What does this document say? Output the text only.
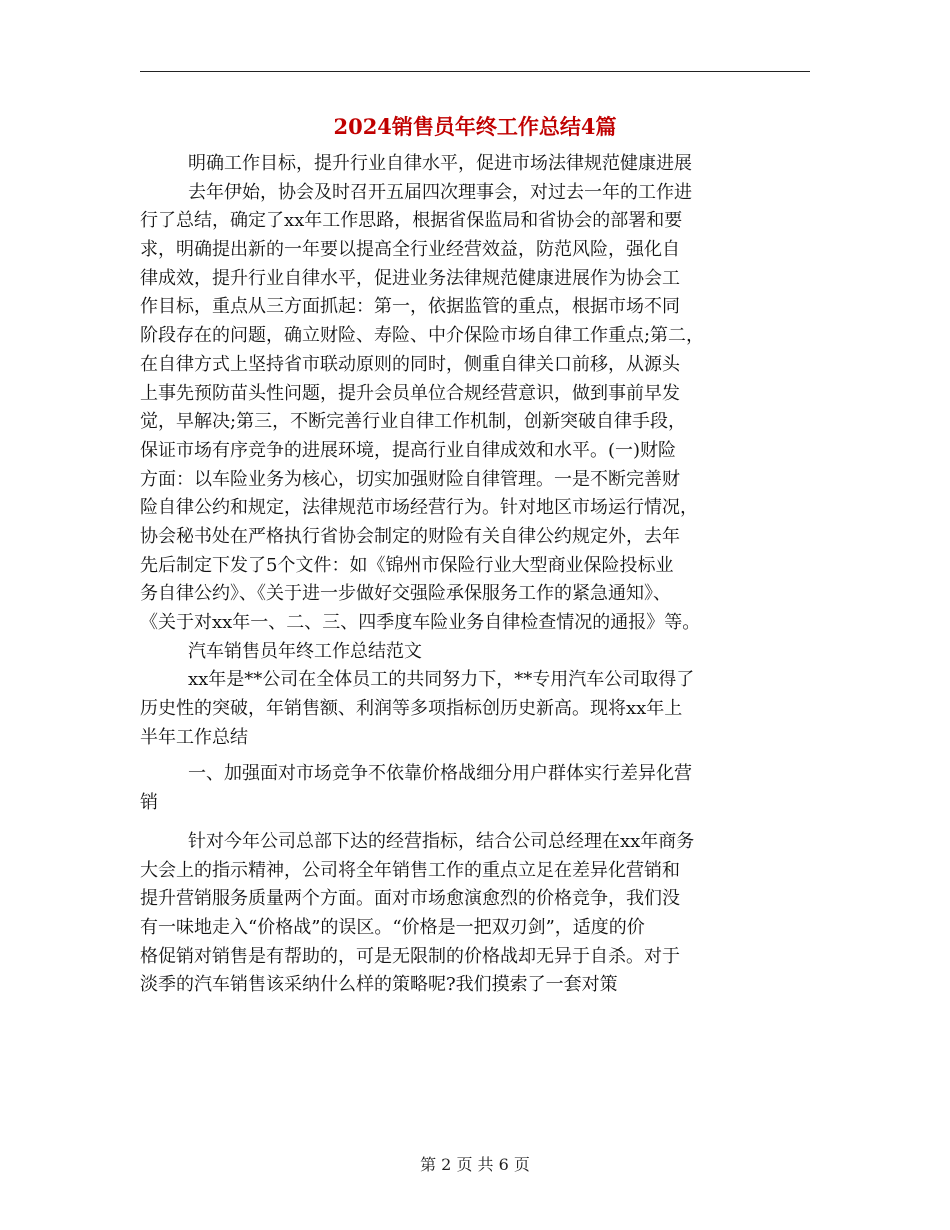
2024销售员年终工作总结4篇
明确工作目标，提升行业自律水平，促进市场法律规范健康进展
去年伊始，协会及时召开五届四次理事会，对过去一年的工作进
行了总结，确定了xx年工作思路，根据省保监局和省协会的部署和要
求，明确提出新的一年要以提高全行业经营效益，防范风险，强化自
律成效，提升行业自律水平，促进业务法律规范健康进展作为协会工
作目标，重点从三方面抓起：第一，依据监管的重点，根据市场不同
阶段存在的问题，确立财险、寿险、中介保险市场自律工作重点;第二，
在自律方式上坚持省市联动原则的同时，侧重自律关口前移，从源头
上事先预防苗头性问题，提升会员单位合规经营意识，做到事前早发
觉，早解决;第三，不断完善行业自律工作机制，创新突破自律手段，
保证市场有序竞争的进展环境，提高行业自律成效和水平。(一)财险
方面：以车险业务为核心，切实加强财险自律管理。一是不断完善财
险自律公约和规定，法律规范市场经营行为。针对地区市场运行情况，
协会秘书处在严格执行省协会制定的财险有关自律公约规定外，去年
先后制定下发了5个文件：如《锦州市保险行业大型商业保险投标业
务自律公约》、《关于进一步做好交强险承保服务工作的紧急通知》、
《关于对xx年一、二、三、四季度车险业务自律检查情况的通报》等。
汽车销售员年终工作总结范文
xx年是**公司在全体员工的共同努力下，**专用汽车公司取得了
历史性的突破，年销售额、利润等多项指标创历史新高。现将xx年上
半年工作总结
一、加强面对市场竞争不依靠价格战细分用户群体实行差异化营
销
针对今年公司总部下达的经营指标，结合公司总经理在xx年商务
大会上的指示精神，公司将全年销售工作的重点立足在差异化营销和
提升营销服务质量两个方面。面对市场愈演愈烈的价格竞争，我们没
有一味地走入“价格战”的误区。“价格是一把双刃剑”，适度的价
格促销对销售是有帮助的，可是无限制的价格战却无异于自杀。对于
淡季的汽车销售该采纳什么样的策略呢?我们摸索了一套对策
第 2 页 共 6 页
